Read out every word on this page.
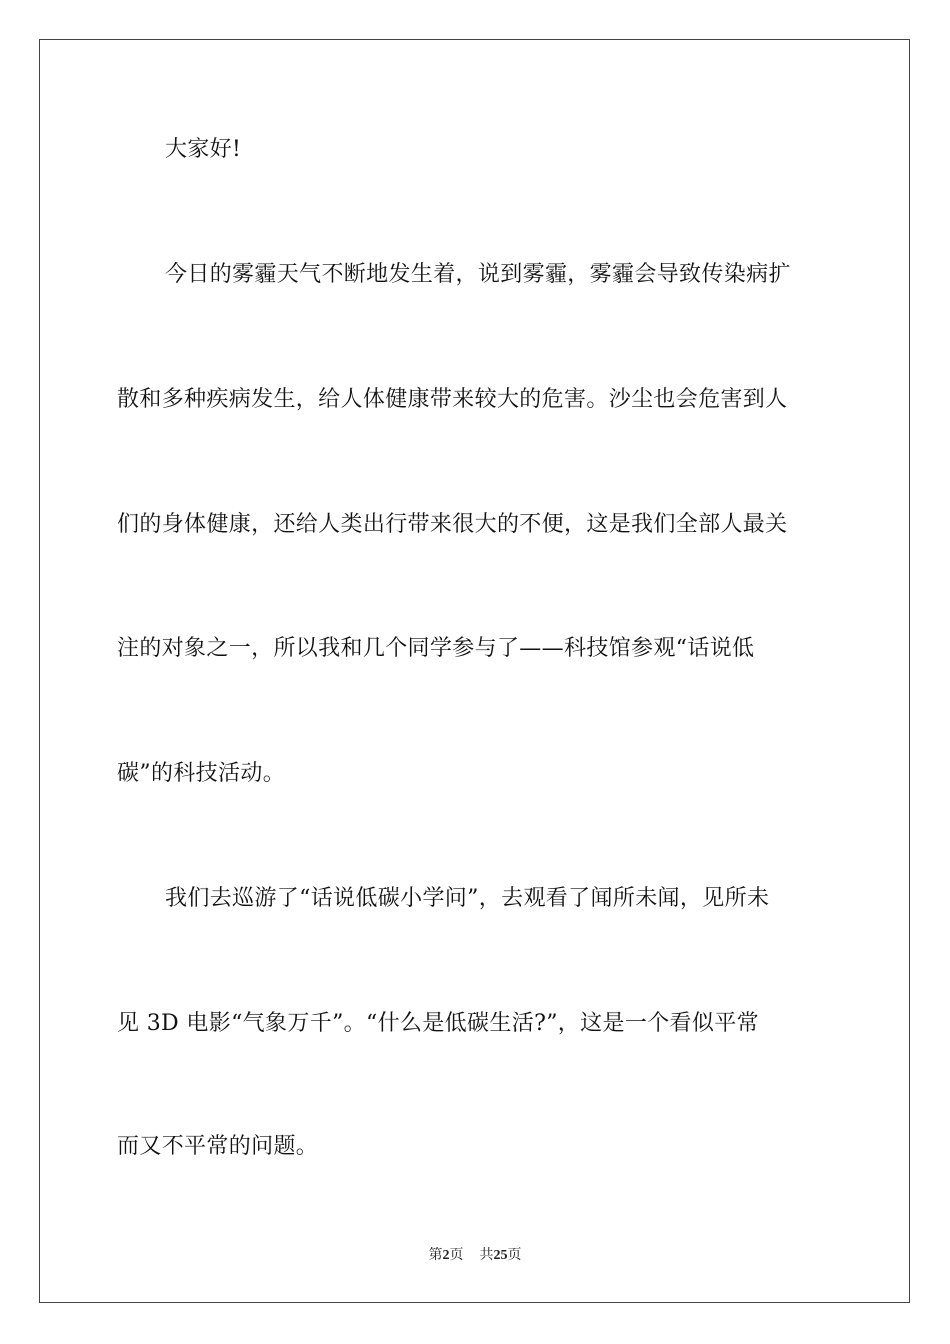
大家好!
今日的雾霾天气不断地发生着，说到雾霾，雾霾会导致传染病扩
散和多种疾病发生，给人体健康带来较大的危害。沙尘也会危害到人
们的身体健康，还给人类出行带来很大的不便，这是我们全部人最关
注的对象之一，所以我和几个同学参与了——科技馆参观“话说低
碳”的科技活动。
我们去巡游了“话说低碳小学问”，去观看了闻所未闻，见所未
见 3D 电影“气象万千”。“什么是低碳生活?”，这是一个看似平常
而又不平常的问题。
第2页 共25页
